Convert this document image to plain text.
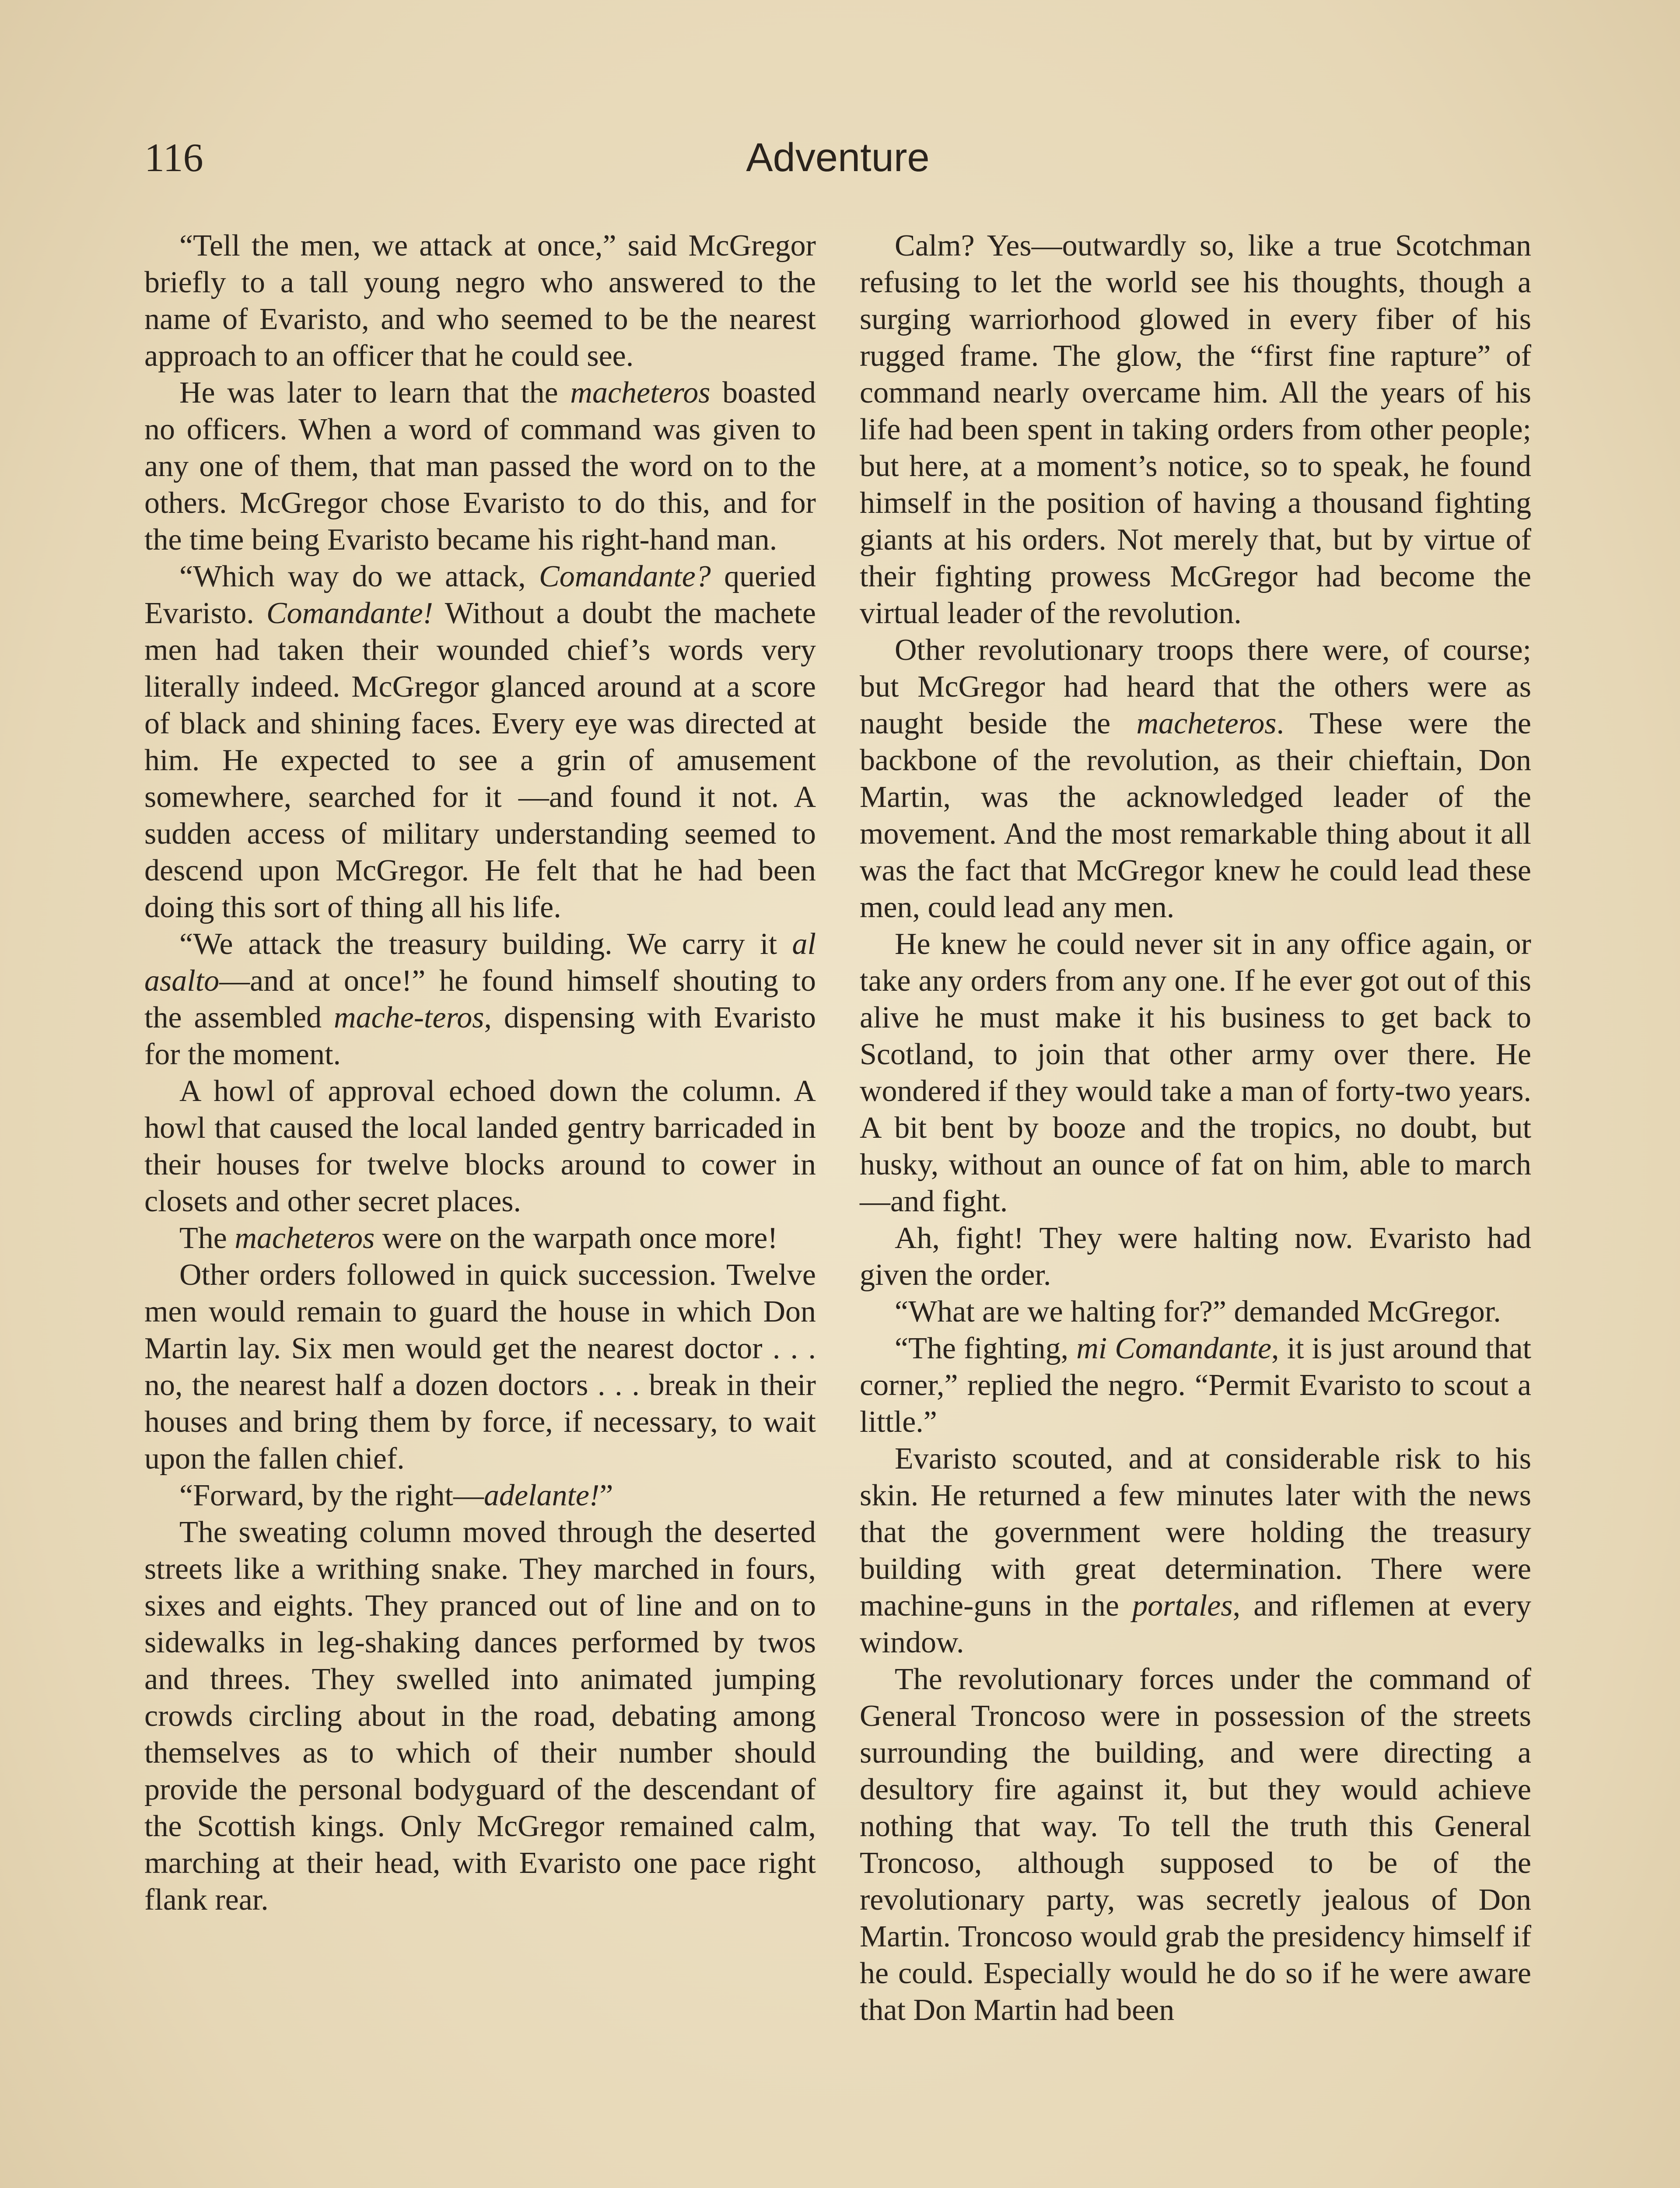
116	Adventure

“Tell the men, we attack at once,” said McGregor briefly to a tall young negro who answered to the name of Evaristo, and who seemed to be the nearest approach to an officer that he could see.

He was later to learn that the macheteros boasted no officers. When a word of command was given to any one of them, that man passed the word on to the others. McGregor chose Evaristo to do this, and for the time being Evaristo became his right-hand man.

“Which way do we attack, Comandante? queried Evaristo. Comandante! Without a doubt the machete men had taken their wounded chief’s words very literally indeed. McGregor glanced around at a score of black and shining faces. Every eye was directed at him. He expected to see a grin of amusement somewhere, searched for it —and found it not. A sudden access of military understanding seemed to descend upon McGregor. He felt that he had been doing this sort of thing all his life.

“We attack the treasury building. We carry it al asalto—and at once!” he found himself shouting to the assembled mache-teros, dispensing with Evaristo for the moment.

A howl of approval echoed down the column. A howl that caused the local landed gentry barricaded in their houses for twelve blocks around to cower in closets and other secret places.

The macheteros were on the warpath once more!

Other orders followed in quick succession. Twelve men would remain to guard the house in which Don Martin lay. Six men would get the nearest doctor . . . no, the nearest half a dozen doctors . . . break in their houses and bring them by force, if necessary, to wait upon the fallen chief.

“Forward, by the right—adelante!”

The sweating column moved through the deserted streets like a writhing snake. They marched in fours, sixes and eights. They pranced out of line and on to sidewalks in leg-shaking dances performed by twos and threes. They swelled into animated jumping crowds circling about in the road, debating among themselves as to which of their number should provide the personal bodyguard of the descendant of the Scottish kings. Only McGregor remained calm, marching at their head, with Evaristo one pace right flank rear.

Calm? Yes—outwardly so, like a true Scotchman refusing to let the world see his thoughts, though a surging warriorhood glowed in every fiber of his rugged frame. The glow, the “first fine rapture” of command nearly overcame him. All the years of his life had been spent in taking orders from other people; but here, at a moment’s notice, so to speak, he found himself in the position of having a thousand fighting giants at his orders. Not merely that, but by virtue of their fighting prowess McGregor had become the virtual leader of the revolution.

Other revolutionary troops there were, of course; but McGregor had heard that the others were as naught beside the macheteros. These were the backbone of the revolution, as their chieftain, Don Martin, was the acknowledged leader of the movement. And the most remarkable thing about it all was the fact that McGregor knew he could lead these men, could lead any men.

He knew he could never sit in any office again, or take any orders from any one. If he ever got out of this alive he must make it his business to get back to Scotland, to join that other army over there. He wondered if they would take a man of forty-two years. A bit bent by booze and the tropics, no doubt, but husky, without an ounce of fat on him, able to march—and fight.

Ah, fight! They were halting now. Evaristo had given the order.

“What are we halting for?” demanded McGregor.

“The fighting, mi Comandante, it is just around that corner,” replied the negro. “Permit Evaristo to scout a little.”

Evaristo scouted, and at considerable risk to his skin. He returned a few minutes later with the news that the government were holding the treasury building with great determination. There were machine-guns in the portales, and riflemen at every window.

The revolutionary forces under the command of General Troncoso were in possession of the streets surrounding the building, and were directing a desultory fire against it, but they would achieve nothing that way. To tell the truth this General Troncoso, although supposed to be of the revolutionary party, was secretly jealous of Don Martin. Troncoso would grab the presidency himself if he could. Especially would he do so if he were aware that Don Martin had been
